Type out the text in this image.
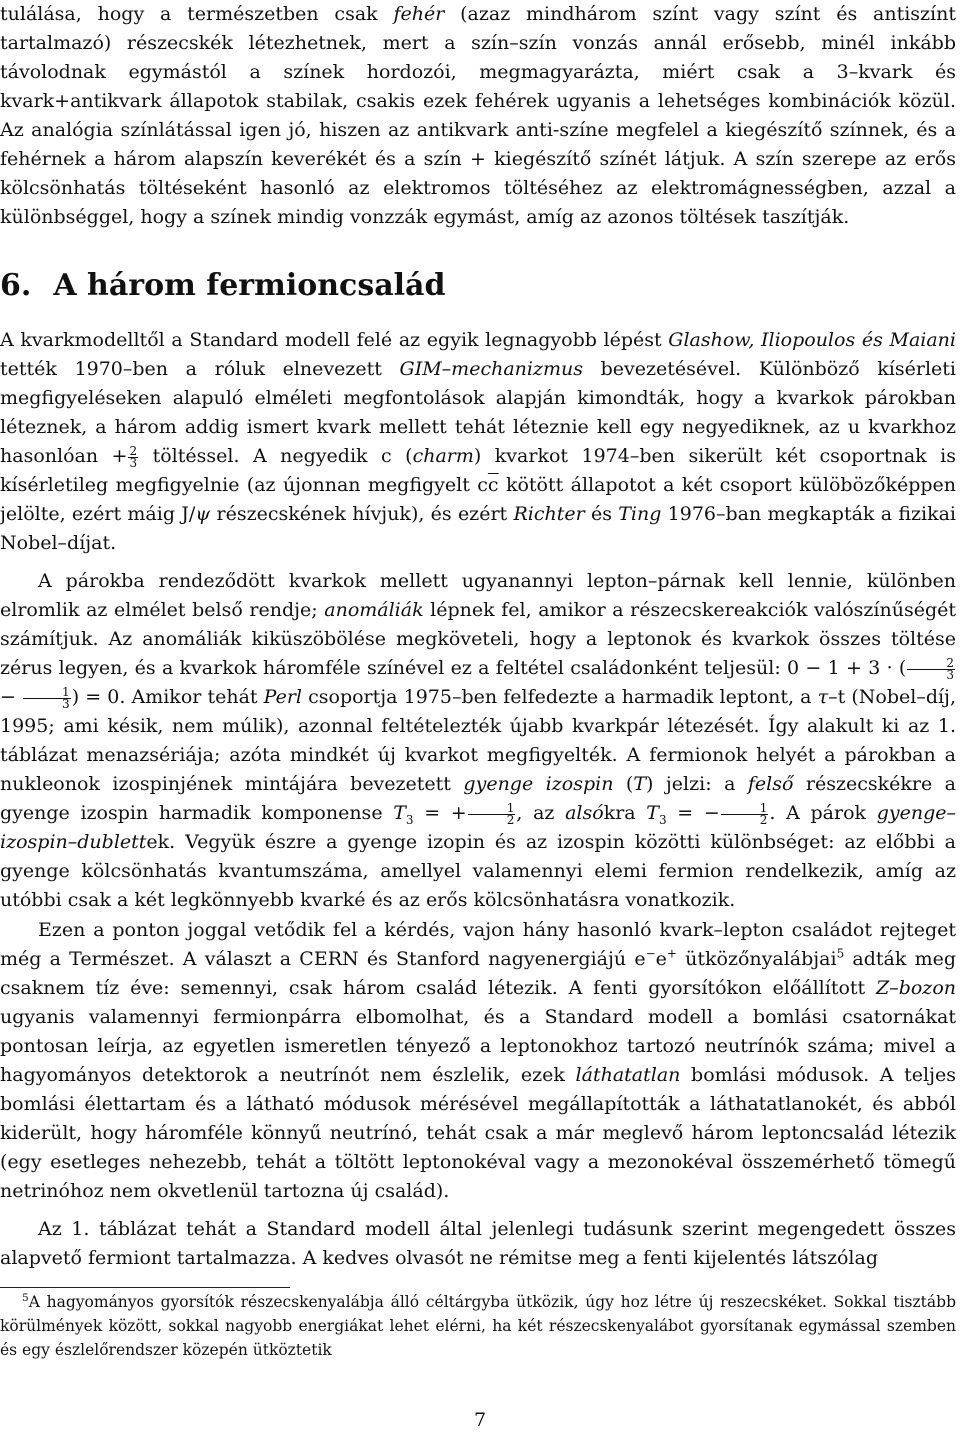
tulálása, hogy a természetben csak fehér (azaz mindhárom színt vagy színt és antiszínt tartalmazó) részecskék létezhetnek, mert a szín–szín vonzás annál erősebb, minél inkább távolodnak egymástól a színek hordozói, megmagyarázta, miért csak a 3–kvark és kvark+antikvark állapotok stabilak, csakis ezek fehérek ugyanis a lehetséges kombinációk közül. Az analógia színlátással igen jó, hiszen az antikvark anti-színe megfelel a kiegészítő színnek, és a fehérnek a három alapszín keverékét és a szín + kiegészítő színét látjuk. A szín szerepe az erős kölcsönhatás töltéseként hasonló az elektromos töltéséhez az elektromágnességben, azzal a különbséggel, hogy a színek mindig vonzzák egymást, amíg az azonos töltések taszítják.

6. A három fermioncsalád

A kvarkmodelltől a Standard modell felé az egyik legnagyobb lépést Glashow, Iliopoulos és Maiani tették 1970–ben a róluk elnevezett GIM–mechanizmus bevezetésével. Különböző kísérleti megfigyeléseken alapuló elméleti megfontolások alapján kimondták, hogy a kvarkok párokban léteznek, a három addig ismert kvark mellett tehát léteznie kell egy negyediknek, az u kvarkhoz hasonlóan + $\frac{2}{3}$ töltéssel. A negyedik c (charm) kvarkot 1974–ben sikerült két csoportnak is kísérletileg megfigyelnie (az újonnan megfigyelt $c\overline{c}$ kötött állapotot a két csoport külöbözőképpen jelölte, ezért máig J/ψ részecskének hívjuk), és ezért Richter és Ting 1976–ban megkapták a fizikai Nobel–díjat.

A párokba rendeződött kvarkok mellett ugyanannyi lepton–párnak kell lennie, különben elromlik az elmélet belső rendje; anomáliák lépnek fel, amikor a részecskereakciók valószínűségét számítjuk. Az anomáliák kiküszöbölése megköveteli, hogy a leptonok és kvarkok összes töltése zérus legyen, és a kvarkok háromféle színével ez a feltétel családonként teljesül: 0 − 1 + 3 · ( $\frac{2}{3}$
− $\frac{1}{3}$ ) = 0. Amikor tehát Perl csoportja 1975–ben felfedezte a harmadik leptont, a τ–t (Nobel–díj, 1995; ami késik, nem múlik), azonnal feltételezték újabb kvarkpár létezését. Így alakult ki az 1. táblázat menazsériája; azóta mindkét új kvarkot megfigyelték. A fermionok helyét a párokban a nukleonok izospinjének mintájára bevezetett gyenge izospin (T) jelzi: a felső részecskékre a gyenge izospin harmadik komponense $T_3$ = + $\frac{1}{2}$ , az alsókra $T_3$ = − $\frac{1}{2}$ . A párok gyenge–izospin–dublettek. Vegyük észre a gyenge izopin és az izospin közötti különbséget: az előbbi a gyenge kölcsönhatás kvantumszáma, amellyel valamennyi elemi fermion rendelkezik, amíg az utóbbi csak a két legkönnyebb kvarké és az erős kölcsönhatásra vonatkozik.

Ezen a ponton joggal vetődik fel a kérdés, vajon hány hasonló kvark–lepton családot rejteget még a Természet. A választ a CERN és Stanford nagyenergiájú e−e+ ütközőnyalábjai$^5$ adták meg csaknem tíz éve: semennyi, csak három család létezik. A fenti gyorsítókon előállított Z–bozon ugyanis valamennyi fermionpárra elbomolhat, és a Standard modell a bomlási csatornákat pontosan leírja, az egyetlen ismeretlen tényező a leptonokhoz tartozó neutrínók száma; mivel a hagyományos detektorok a neutrínót nem észlelik, ezek láthatatlan bomlási módusok. A teljes bomlási élettartam és a látható módusok mérésével megállapították a láthatatlanokét, és abból kiderült, hogy háromféle könnyű neutrínó, tehát csak a már meglevő három leptoncsalád létezik (egy esetleges nehezebb, tehát a töltött leptonokéval vagy a mezonokéval összemérhető tömegű netrinóhoz nem okvetlenül tartozna új család).

Az 1. táblázat tehát a Standard modell által jelenlegi tudásunk szerint megengedett összes alapvető fermiont tartalmazza. A kedves olvasót ne rémitse meg a fenti kijelentés látszólag

$^5$A hagyományos gyorsítók részecskenyalábja álló céltárgyba ütközik, úgy hoz létre új reszecskéket. Sokkal tisztább körülmények között, sokkal nagyobb energiákat lehet elérni, ha két részecskenyalábot gyorsítanak egymással szemben és egy észlelőrendszer közepén ütköztetik
7
